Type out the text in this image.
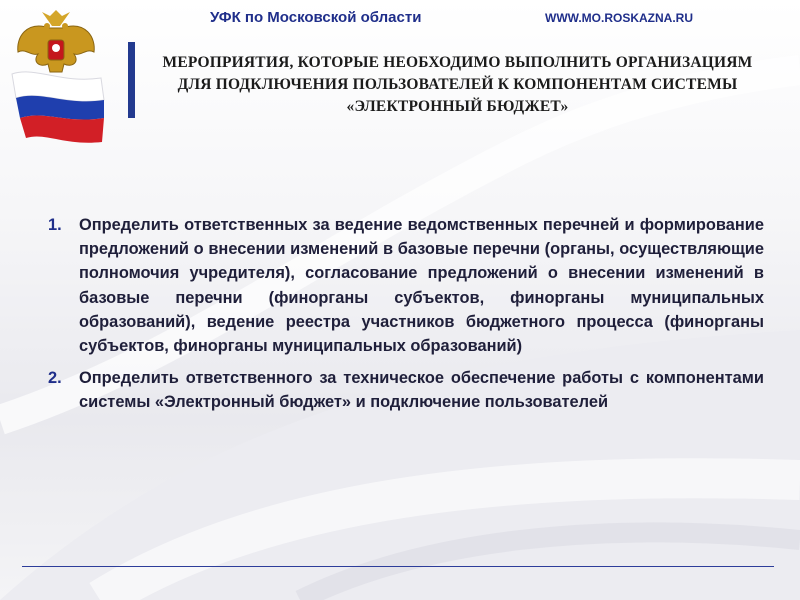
УФК по Московской области	WWW.MO.ROSKAZNA.RU
МЕРОПРИЯТИЯ, КОТОРЫЕ НЕОБХОДИМО ВЫПОЛНИТЬ ОРГАНИЗАЦИЯМ ДЛЯ ПОДКЛЮЧЕНИЯ ПОЛЬЗОВАТЕЛЕЙ К КОМПОНЕНТАМ СИСТЕМЫ «ЭЛЕКТРОННЫЙ БЮДЖЕТ»
1.	Определить ответственных за ведение ведомственных перечней и формирование предложений о внесении изменений в базовые перечни (органы, осуществляющие полномочия учредителя), согласование предложений о внесении изменений в базовые перечни (финорганы субъектов, финорганы муниципальных образований), ведение реестра участников бюджетного процесса (финорганы субъектов, финорганы муниципальных образований)
2.	Определить ответственного за техническое обеспечение работы с компонентами системы «Электронный бюджет» и подключение пользователей
